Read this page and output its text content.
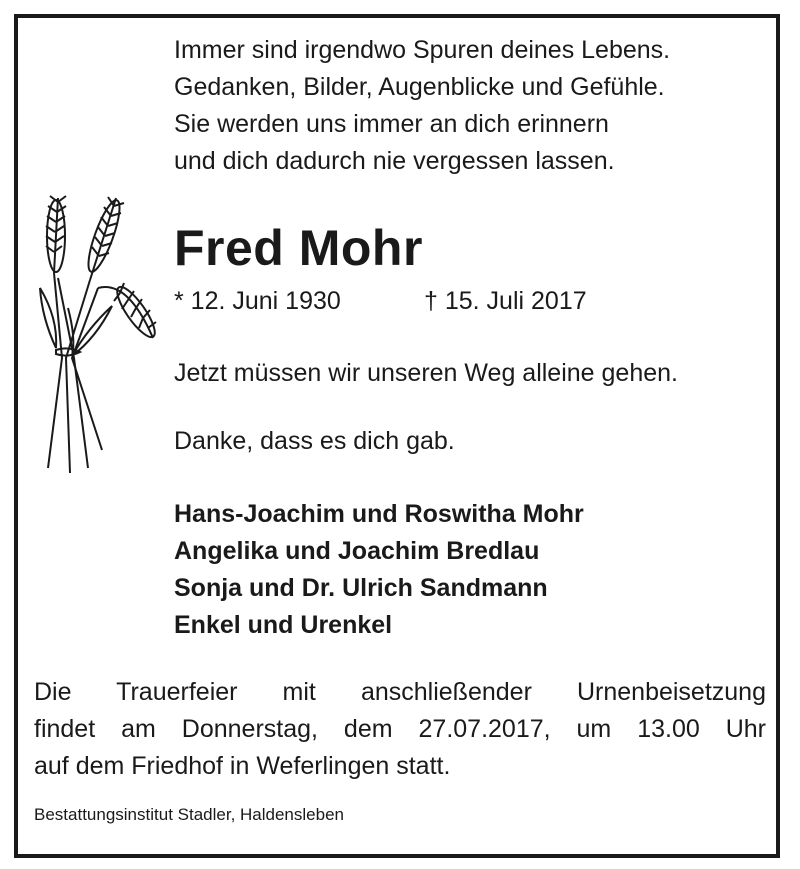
Immer sind irgendwo Spuren deines Lebens.
Gedanken, Bilder, Augenblicke und Gefühle.
Sie werden uns immer an dich erinnern
und dich dadurch nie vergessen lassen.
Fred Mohr
* 12. Juni 1930	† 15. Juli 2017
Jetzt müssen wir unseren Weg alleine gehen.
Danke, dass es dich gab.
Hans-Joachim und Roswitha Mohr
Angelika und Joachim Bredlau
Sonja und Dr. Ulrich Sandmann
Enkel und Urenkel
Die Trauerfeier mit anschließender Urnenbeisetzung
findet am Donnerstag, dem 27.07.2017, um 13.00 Uhr
auf dem Friedhof in Weferlingen statt.
Bestattungsinstitut Stadler, Haldensleben
